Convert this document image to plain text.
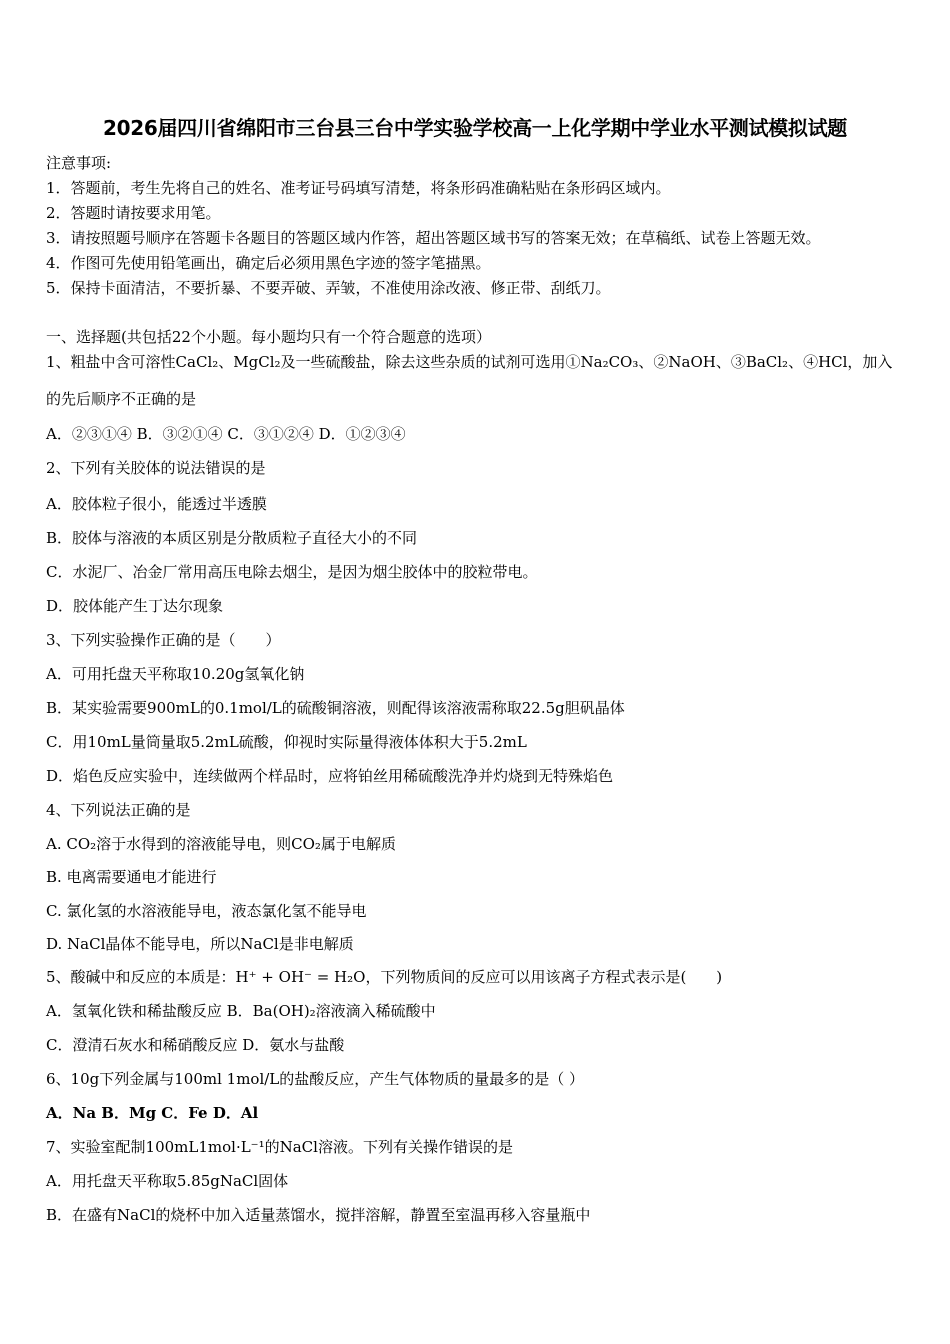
2026届四川省绵阳市三台县三台中学实验学校高一上化学期中学业水平测试模拟试题
注意事项:
1．答题前，考生先将自己的姓名、准考证号码填写清楚，将条形码准确粘贴在条形码区域内。
2．答题时请按要求用笔。
3．请按照题号顺序在答题卡各题目的答题区域内作答，超出答题区域书写的答案无效；在草稿纸、试卷上答题无效。
4．作图可先使用铅笔画出，确定后必须用黑色字迹的签字笔描黑。
5．保持卡面清洁，不要折暴、不要弄破、弄皱，不准使用涂改液、修正带、刮纸刀。
一、选择题(共包括22个小题。每小题均只有一个符合题意的选项）
1、粗盐中含可溶性CaCl₂、MgCl₂及一些硫酸盐，除去这些杂质的试剂可选用①Na₂CO₃、②NaOH、③BaCl₂、④HCl，加入
的先后顺序不正确的是
A．②③①④ B．③②①④ C．③①②④ D．①②③④
2、下列有关胶体的说法错误的是
A．胶体粒子很小，能透过半透膜
B．胶体与溶液的本质区别是分散质粒子直径大小的不同
C．水泥厂、冶金厂常用高压电除去烟尘，是因为烟尘胶体中的胶粒带电。
D．胶体能产生丁达尔现象
3、下列实验操作正确的是（　　）
A．可用托盘天平称取10.20g氢氧化钠
B．某实验需要900mL的0.1mol/L的硫酸铜溶液，则配得该溶液需称取22.5g胆矾晶体
C．用10mL量筒量取5.2mL硫酸，仰视时实际量得液体体积大于5.2mL
D．焰色反应实验中，连续做两个样品时，应将铂丝用稀硫酸洗净并灼烧到无特殊焰色
4、下列说法正确的是
A. CO₂溶于水得到的溶液能导电，则CO₂属于电解质
B. 电离需要通电才能进行
C. 氯化氢的水溶液能导电，液态氯化氢不能导电
D. NaCl晶体不能导电，所以NaCl是非电解质
5、酸碱中和反应的本质是：H⁺ + OH⁻ = H₂O，下列物质间的反应可以用该离子方程式表示是(　　)
A．氢氧化铁和稀盐酸反应 B．Ba(OH)₂溶液滴入稀硫酸中
C．澄清石灰水和稀硝酸反应 D．氨水与盐酸
6、10g下列金属与100ml 1mol/L的盐酸反应，产生气体物质的量最多的是（ ）
A．Na B．Mg C．Fe D．Al
7、实验室配制100mL1mol·L⁻¹的NaCl溶液。下列有关操作错误的是
A．用托盘天平称取5.85gNaCl固体
B．在盛有NaCl的烧杯中加入适量蒸馏水，搅拌溶解，静置至室温再移入容量瓶中
